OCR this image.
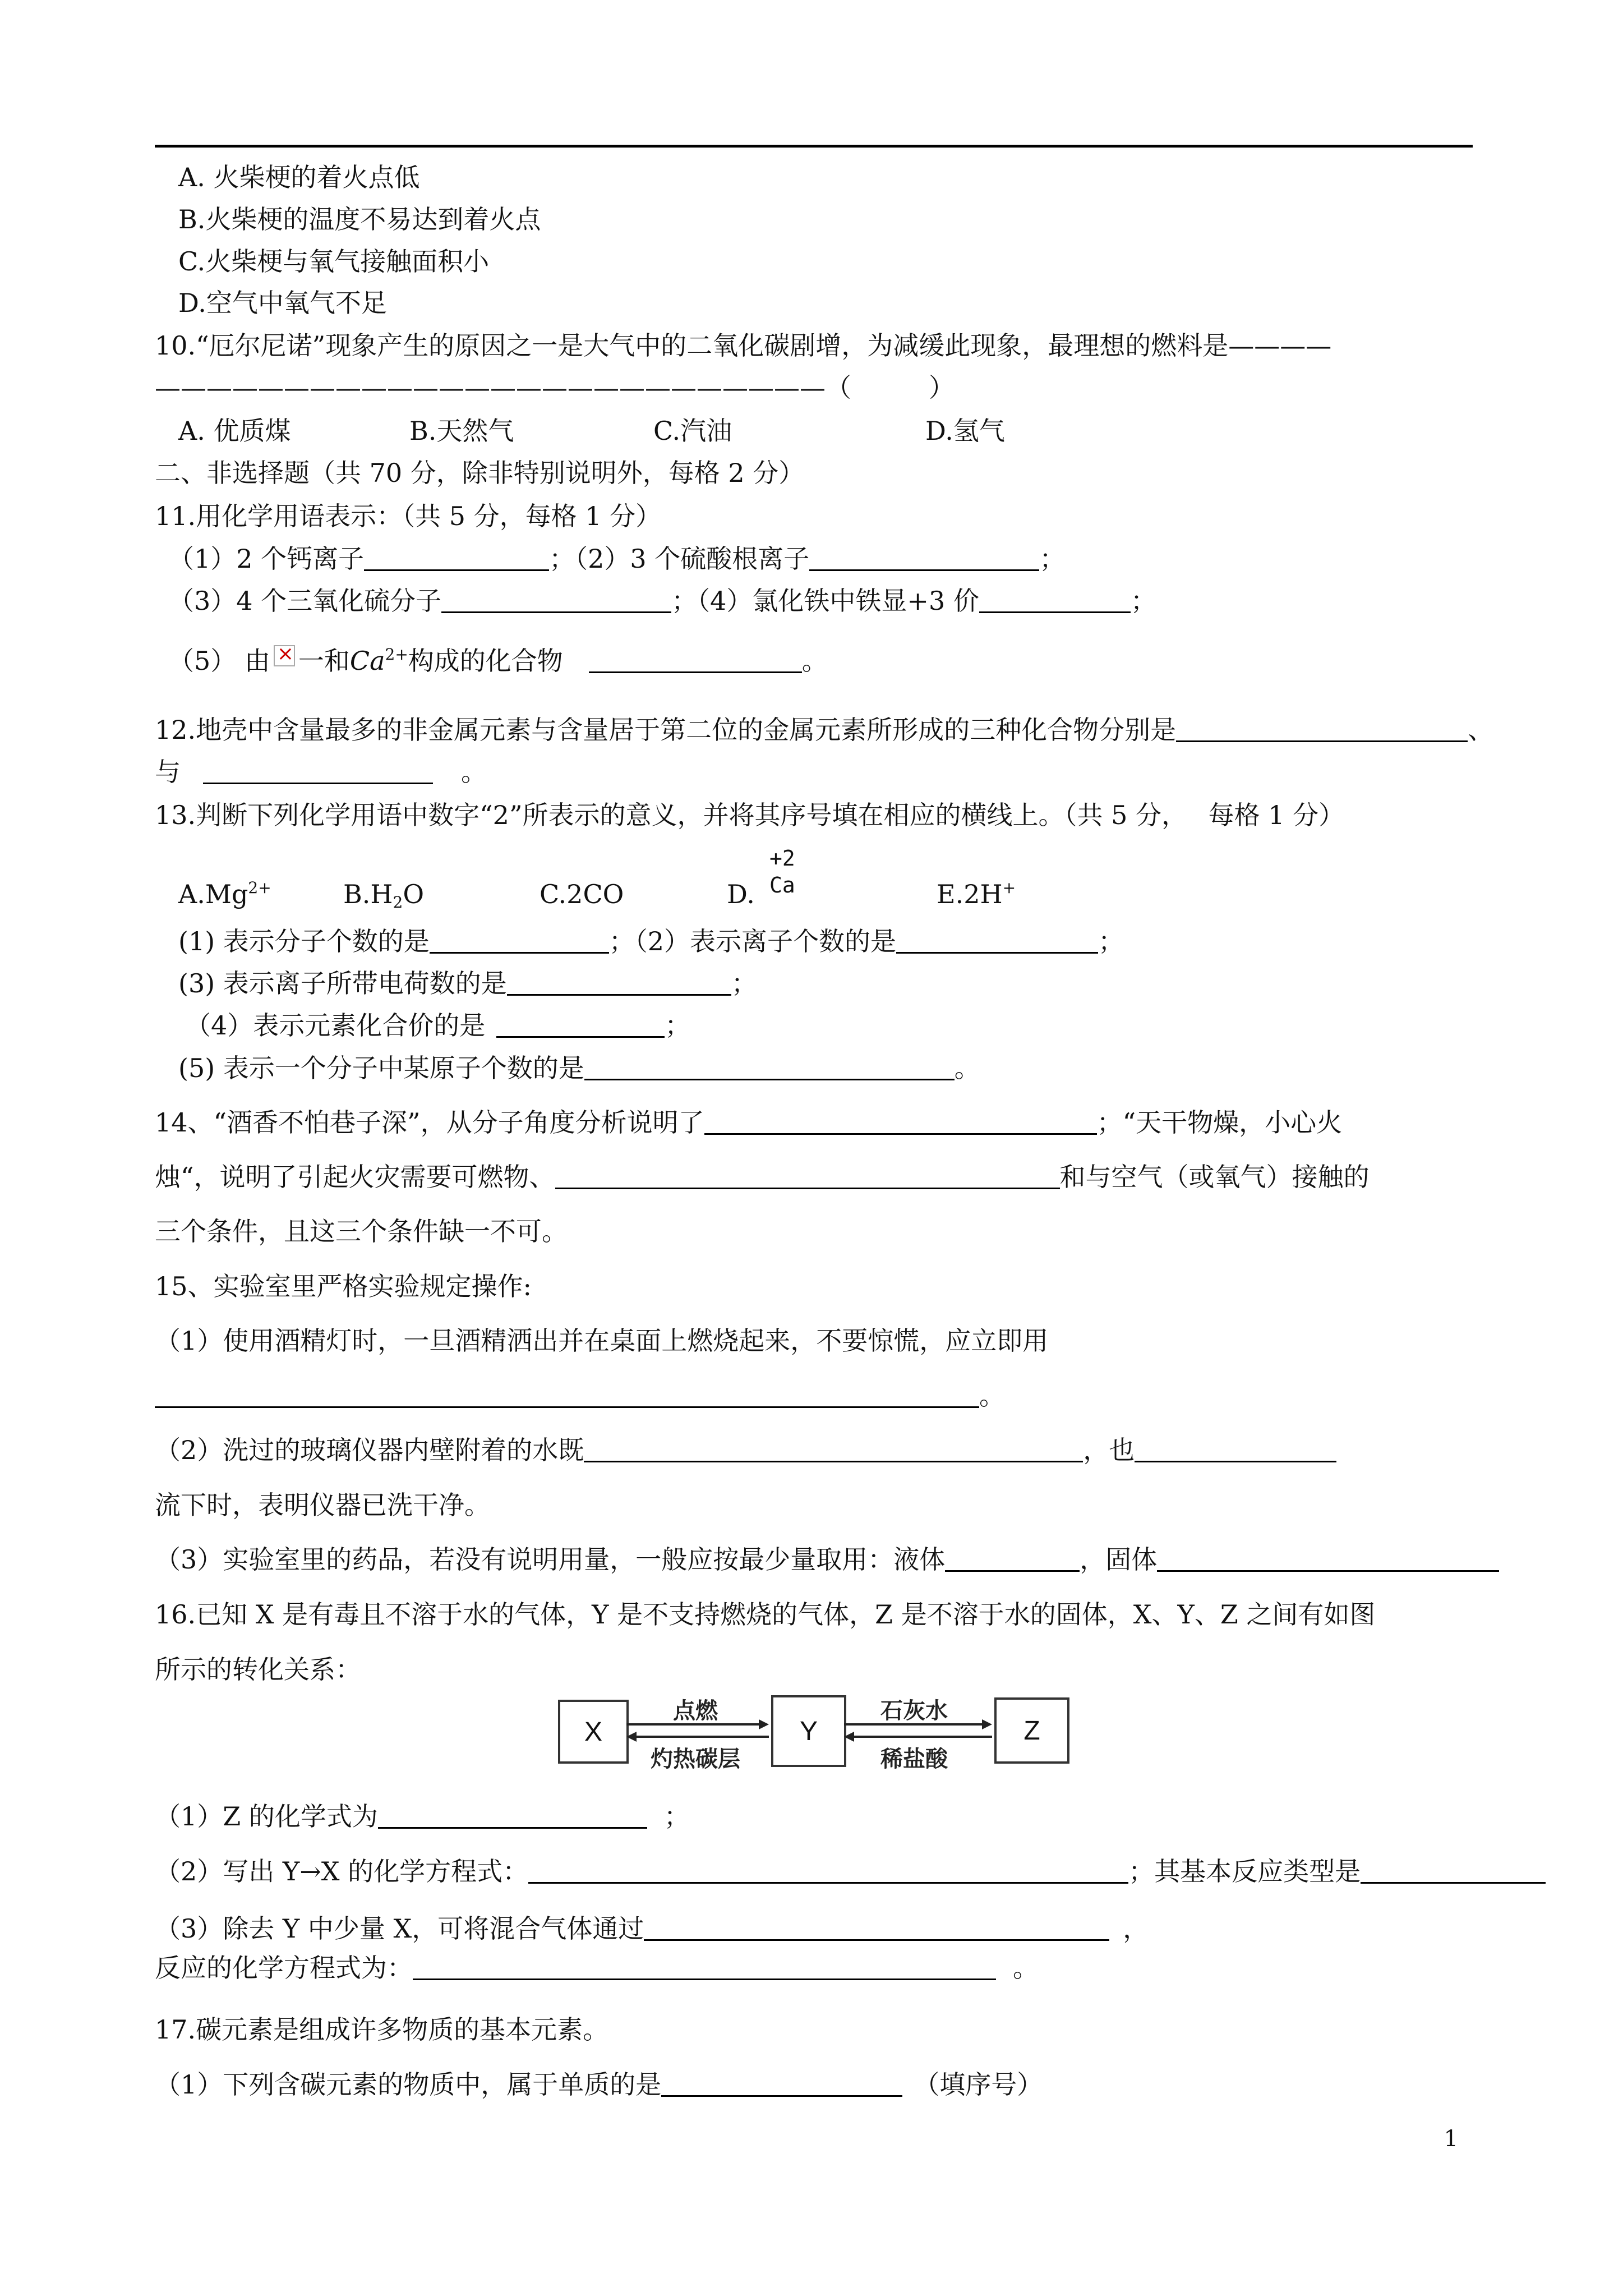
A. 火柴梗的着火点低
B.火柴梗的温度不易达到着火点
C.火柴梗与氧气接触面积小
D.空气中氧气不足
10.“厄尔尼诺”现象产生的原因之一是大气中的二氧化碳剧增，为减缓此现象，最理想的燃料是————
——————————————————————————（　　　）
A. 优质煤	B.天然气	C.汽油	D.氢气
二、非选择题（共 70 分，除非特别说明外，每格 2 分）
11.用化学用语表示：（共 5 分，每格 1 分）
（1）2 个钙离子	；（2）3 个硫酸根离子	；
（3）4 个三氧化硫分子	；（4）氯化铁中铁显+3 价	；
（5） 由× 一和$Ca^{2+}$构成的化合物	。
12.地壳中含量最多的非金属元素与含量居于第二位的金属元素所形成的三种化合物分别是	、
与	。
13.判断下列化学用语中数字“2”所表示的意义，并将其序号填在相应的横线上。（共 5 分，　 每格 1 分）
$A.Mg^{2+}$	$B.H_2O$	C.2CO	D.
+2
Ca	E.2H+
(1) 表示分子个数的是	；（2）表示离子个数的是	；
(3) 表示离子所带电荷数的是	；
（4）表示元素化合价的是	；
(5) 表示一个分子中某原子个数的是	。
14、“酒香不怕巷子深”，从分子角度分析说明了	；“天干物燥，小心火
烛“，说明了引起火灾需要可燃物、	和与空气（或氧气）接触的
三个条件，且这三个条件缺一不可。
15、实验室里严格实验规定操作:
（1）使用酒精灯时，一旦酒精洒出并在桌面上燃烧起来，不要惊慌，应立即用
。
（2）洗过的玻璃仪器内壁附着的水既	，也
流下时，表明仪器已洗干净。
（3）实验室里的药品，若没有说明用量，一般应按最少量取用：液体	，固体
16.已知 X 是有毒且不溶于水的气体，Y 是不支持燃烧的气体，Z 是不溶于水的固体，X、Y、Z 之间有如图
所示的转化关系：
X	Y	Z
点燃
灼热碳层
石灰水
稀盐酸
（1）Z 的化学式为	；
（2）写出 Y→X 的化学方程式：	；其基本反应类型是
（3）除去 Y 中少量 X，可将混合气体通过	，
反应的化学方程式为：	。
17.碳元素是组成许多物质的基本元素。
（1）下列含碳元素的物质中，属于单质的是	（填序号）
1
